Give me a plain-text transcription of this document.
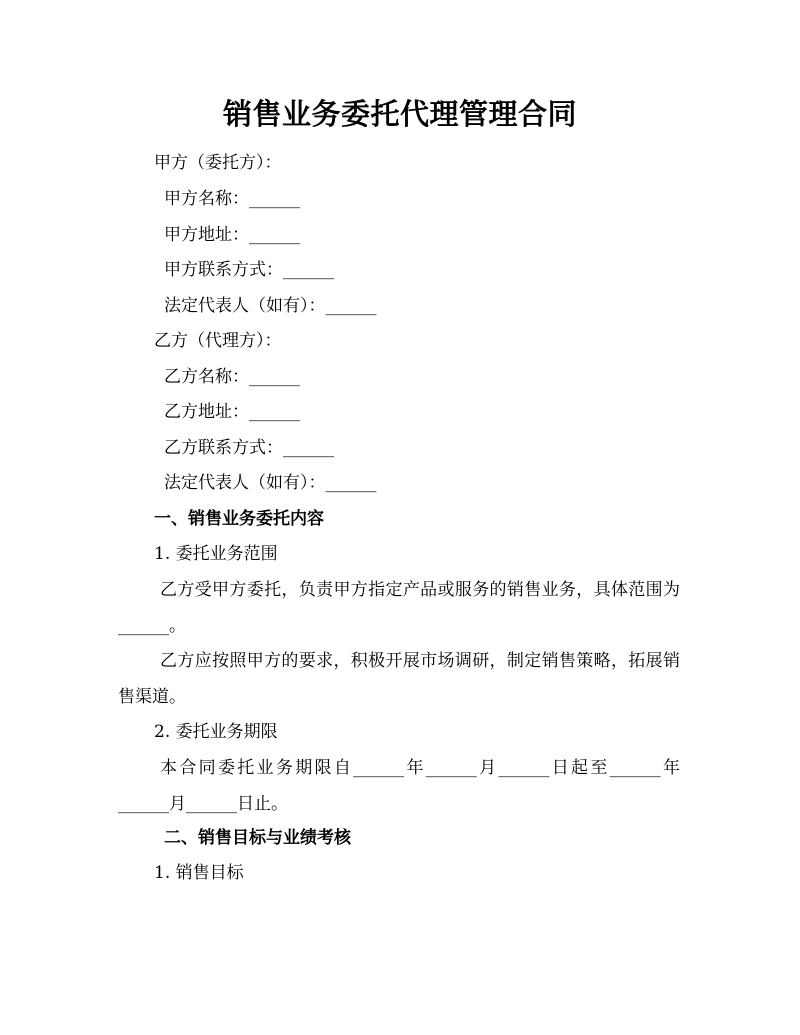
销售业务委托代理管理合同
甲方（委托方）：
甲方名称：______
甲方地址：______
甲方联系方式：______
法定代表人（如有）：______
乙方（代理方）：
乙方名称：______
乙方地址：______
乙方联系方式：______
法定代表人（如有）：______
一、销售业务委托内容
1. 委托业务范围
乙方受甲方委托，负责甲方指定产品或服务的销售业务，具体范围为______。
乙方应按照甲方的要求，积极开展市场调研，制定销售策略，拓展销售渠道。
2. 委托业务期限
本合同委托业务期限自______年______月______日起至______年______月______日止。
二、销售目标与业绩考核
1. 销售目标
